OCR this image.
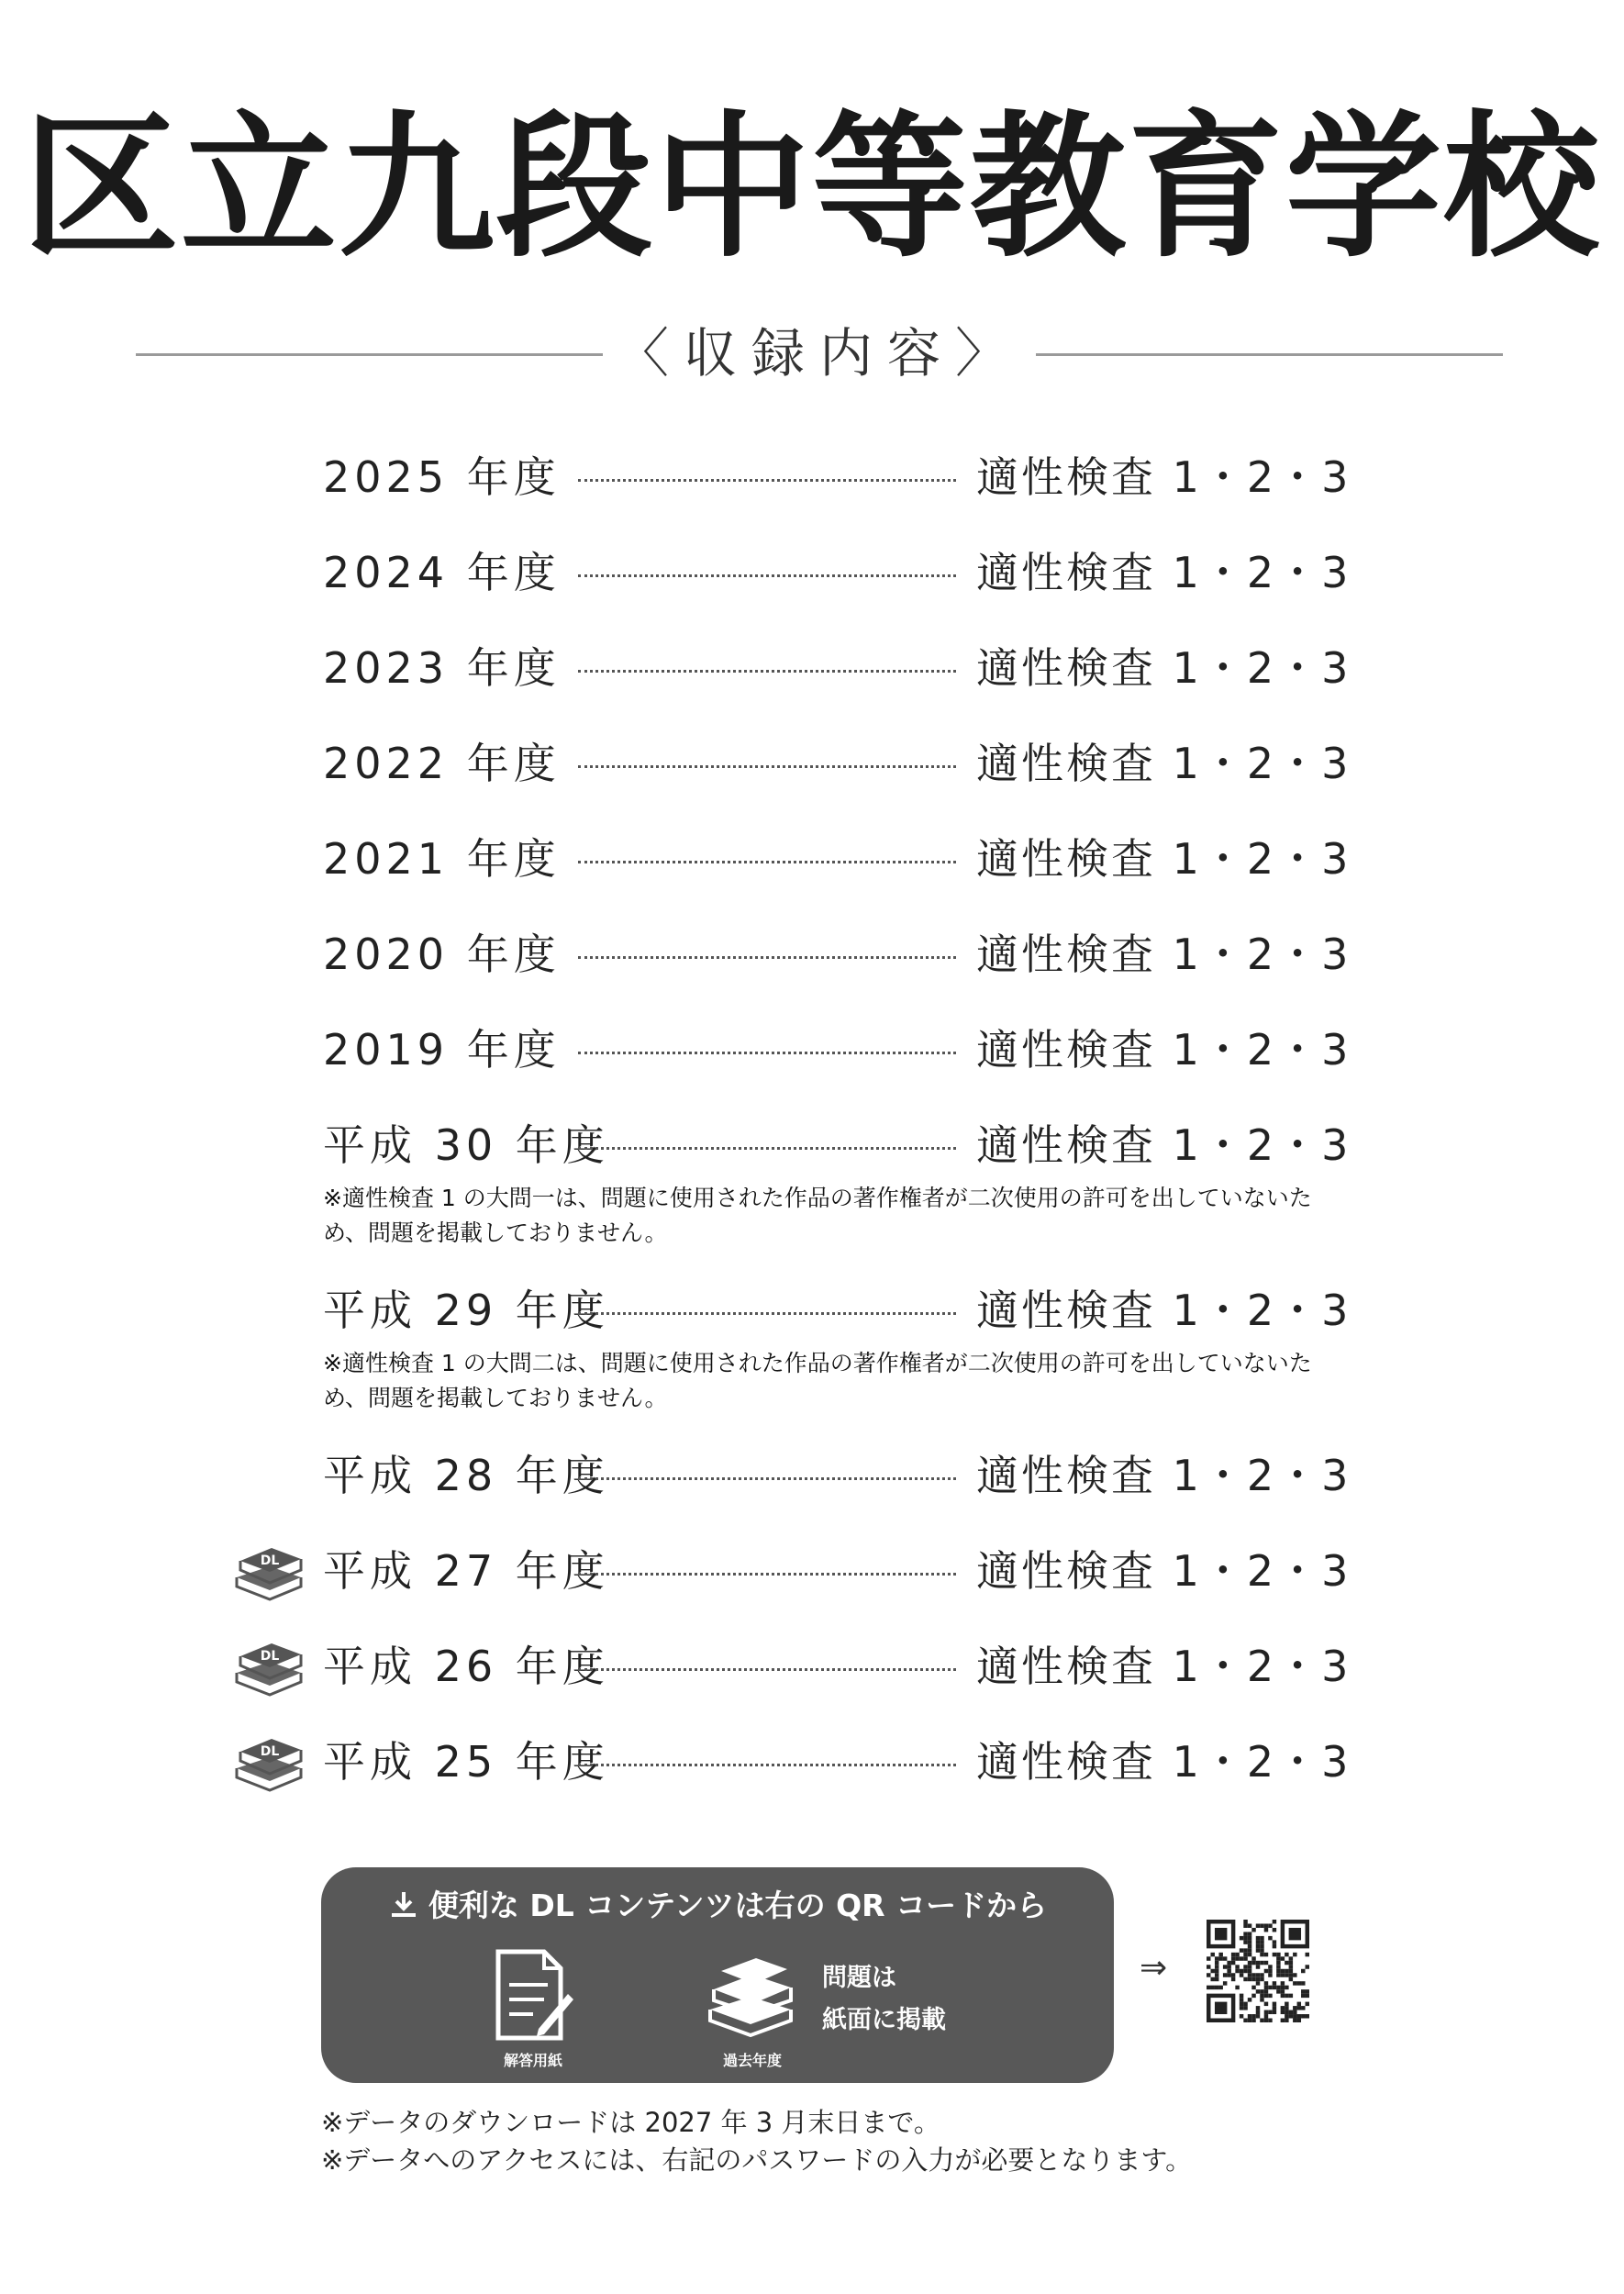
区立九段中等教育学校
〈収録内容〉
2025 年度	適性検査 1・2・3
2024 年度	適性検査 1・2・3
2023 年度	適性検査 1・2・3
2022 年度	適性検査 1・2・3
2021 年度	適性検査 1・2・3
2020 年度	適性検査 1・2・3
2019 年度	適性検査 1・2・3
平成 30 年度	適性検査 1・2・3
※適性検査 1 の大問一は、問題に使用された作品の著作権者が二次使用の許可を出していないため、問題を掲載しておりません。
平成 29 年度	適性検査 1・2・3
※適性検査 1 の大問二は、問題に使用された作品の著作権者が二次使用の許可を出していないため、問題を掲載しておりません。
平成 28 年度	適性検査 1・2・3
DL 平成 27 年度	適性検査 1・2・3
DL 平成 26 年度	適性検査 1・2・3
DL 平成 25 年度	適性検査 1・2・3
便利な DL コンテンツは右の QR コードから
解答用紙	過去年度
問題は
紙面に掲載
⇒
※データのダウンロードは 2027 年 3 月末日まで。
※データへのアクセスには、右記のパスワードの入力が必要となります。
